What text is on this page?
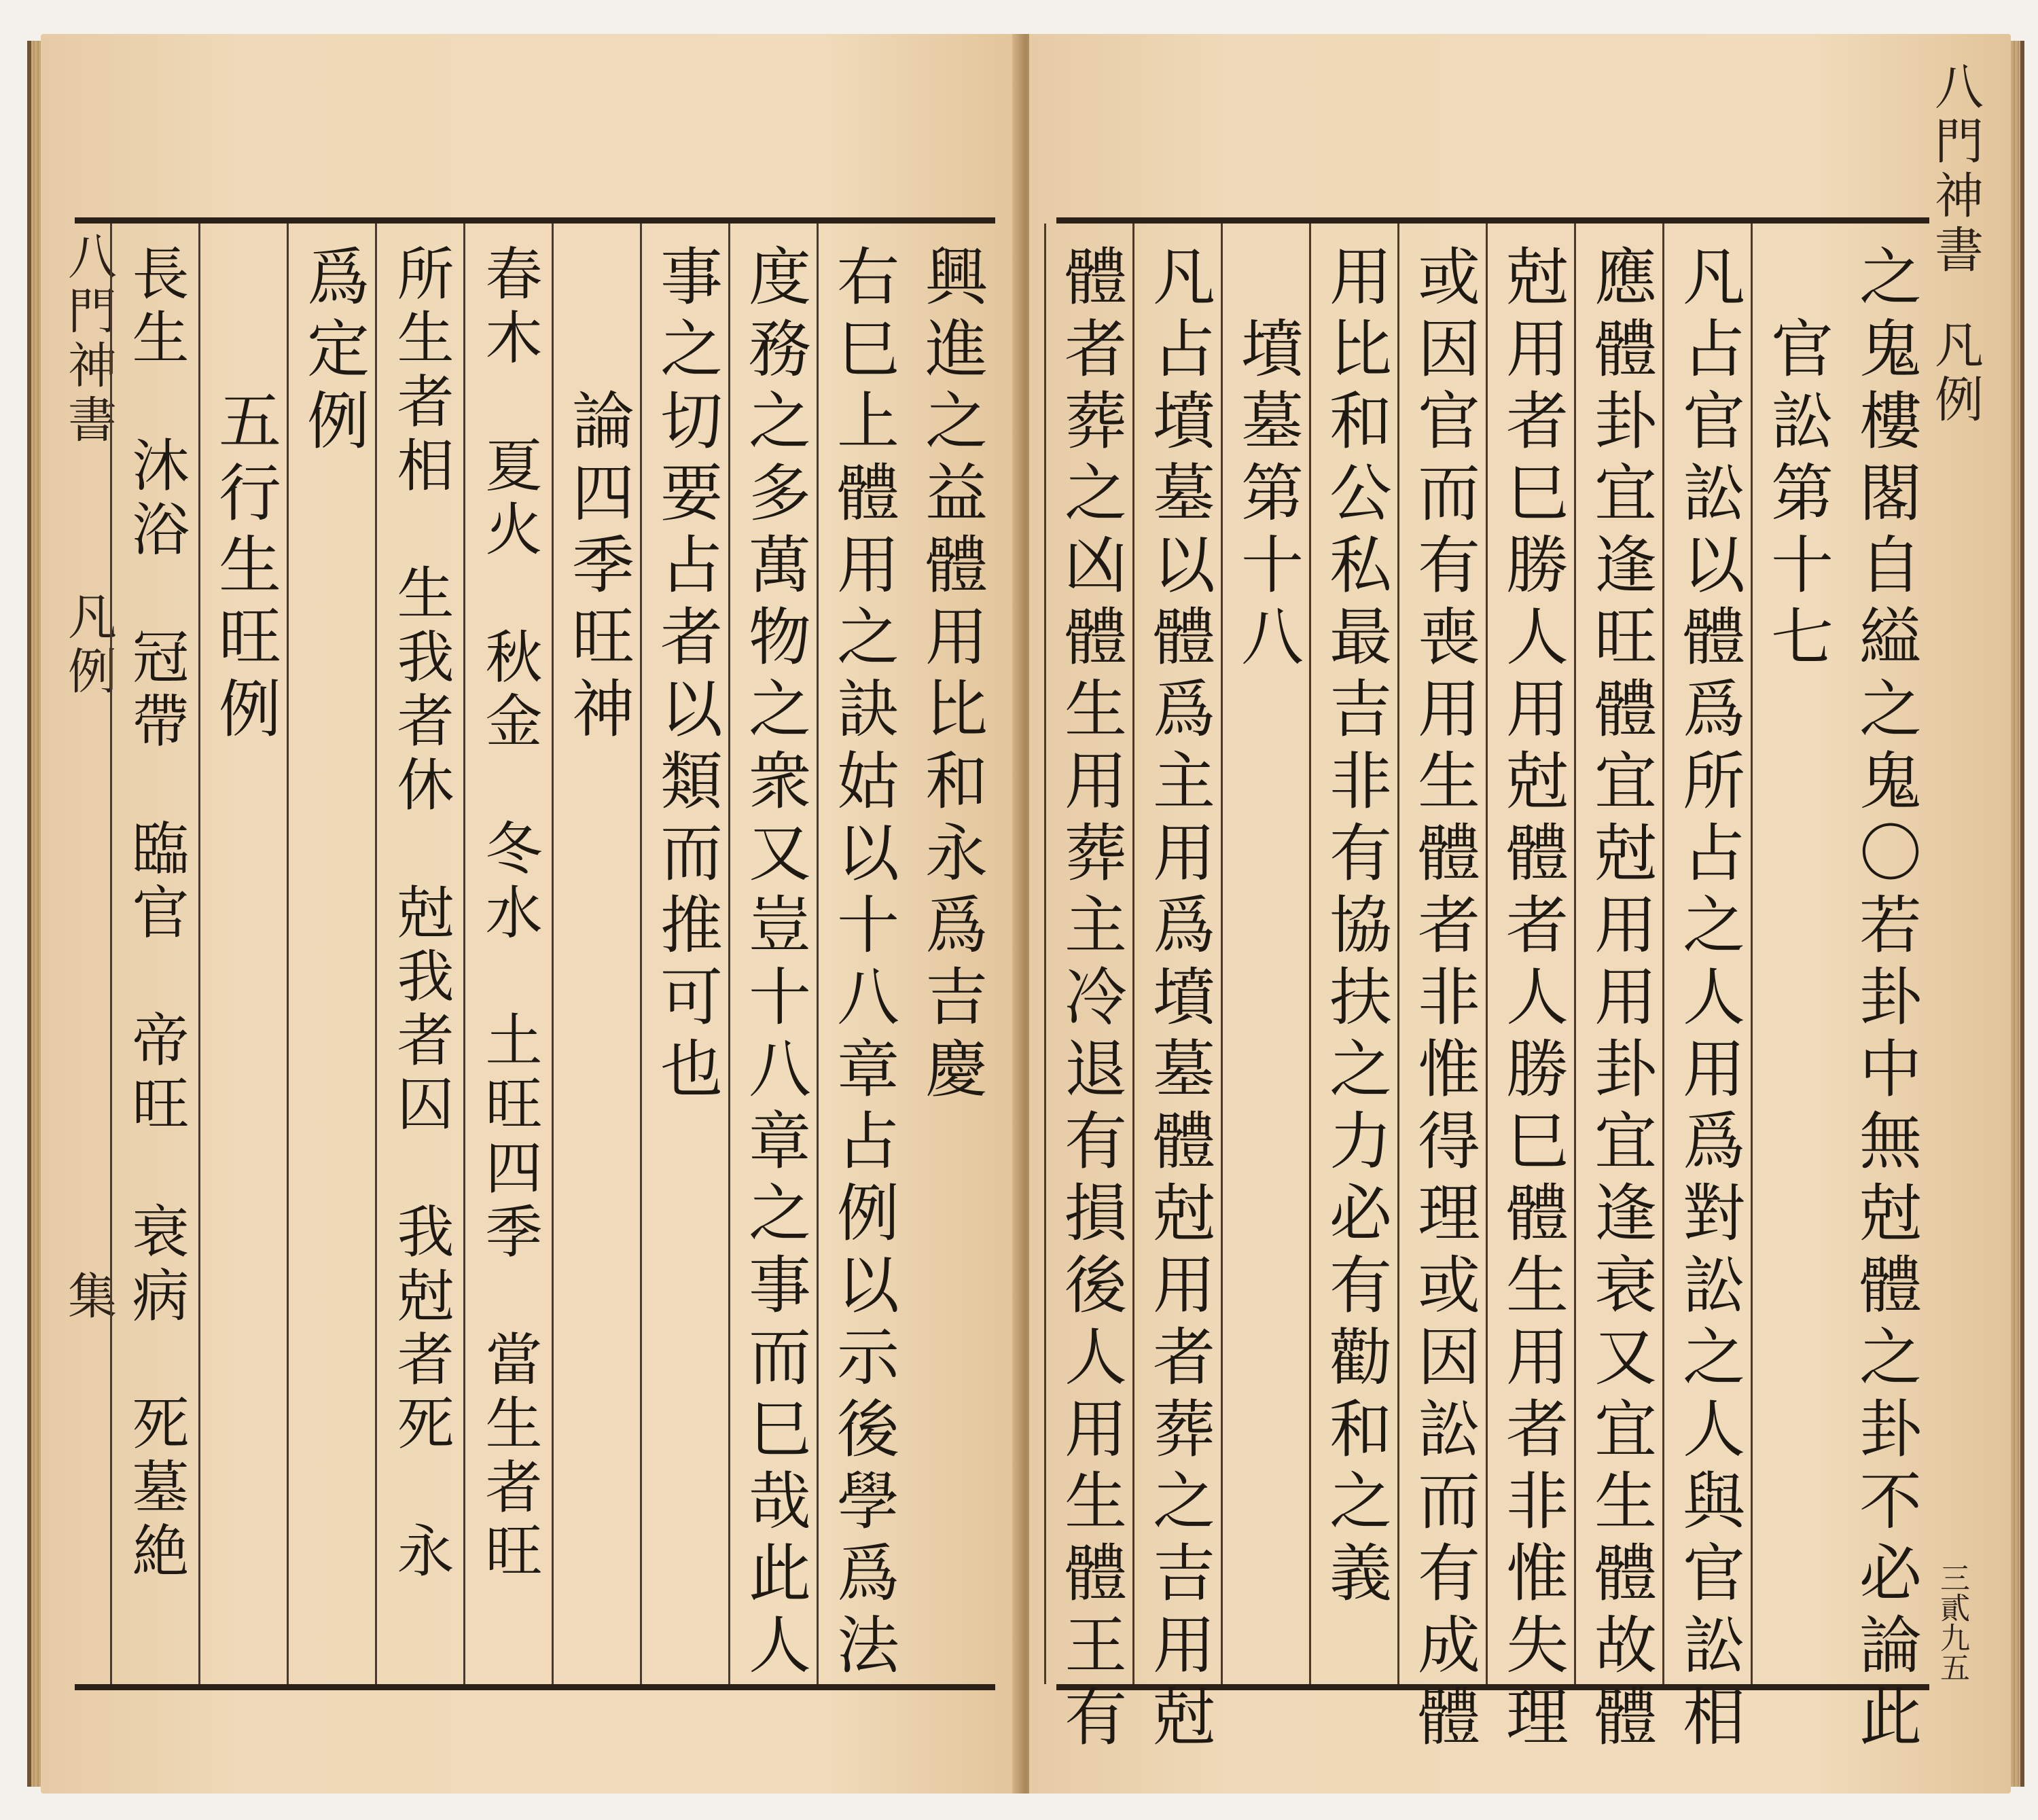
八門神書
凡例
集
興進之益體用比和永爲吉慶
右巳上體用之訣姑以十八章占例以示後學爲法
度務之多萬物之衆又豈十八章之事而巳哉此人
事之切要占者以類而推可也
　　論四季旺神
春木　夏火　秋金　冬水　土旺四季　當生者旺
所生者相　生我者休　尅我者囚　我尅者死　永
爲定例
　　五行生旺例
長生　沐浴　冠帶　臨官　帝旺　衰病　死墓絶
八門神書
凡例
三貳九五
之鬼樓閣自縊之鬼〇若卦中無尅體之卦不必論此
　官訟第十七
凡占官訟以體爲所占之人用爲對訟之人與官訟相
應體卦宜逢旺體宜尅用用卦宜逢衰又宜生體故體
尅用者巳勝人用尅體者人勝巳體生用者非惟失理
或因官而有喪用生體者非惟得理或因訟而有成體
用比和公私最吉非有協扶之力必有勸和之義
　墳墓第十八
凡占墳墓以體爲主用爲墳墓體尅用者葬之吉用尅
體者葬之凶體生用葬主冷退有損後人用生體王有
